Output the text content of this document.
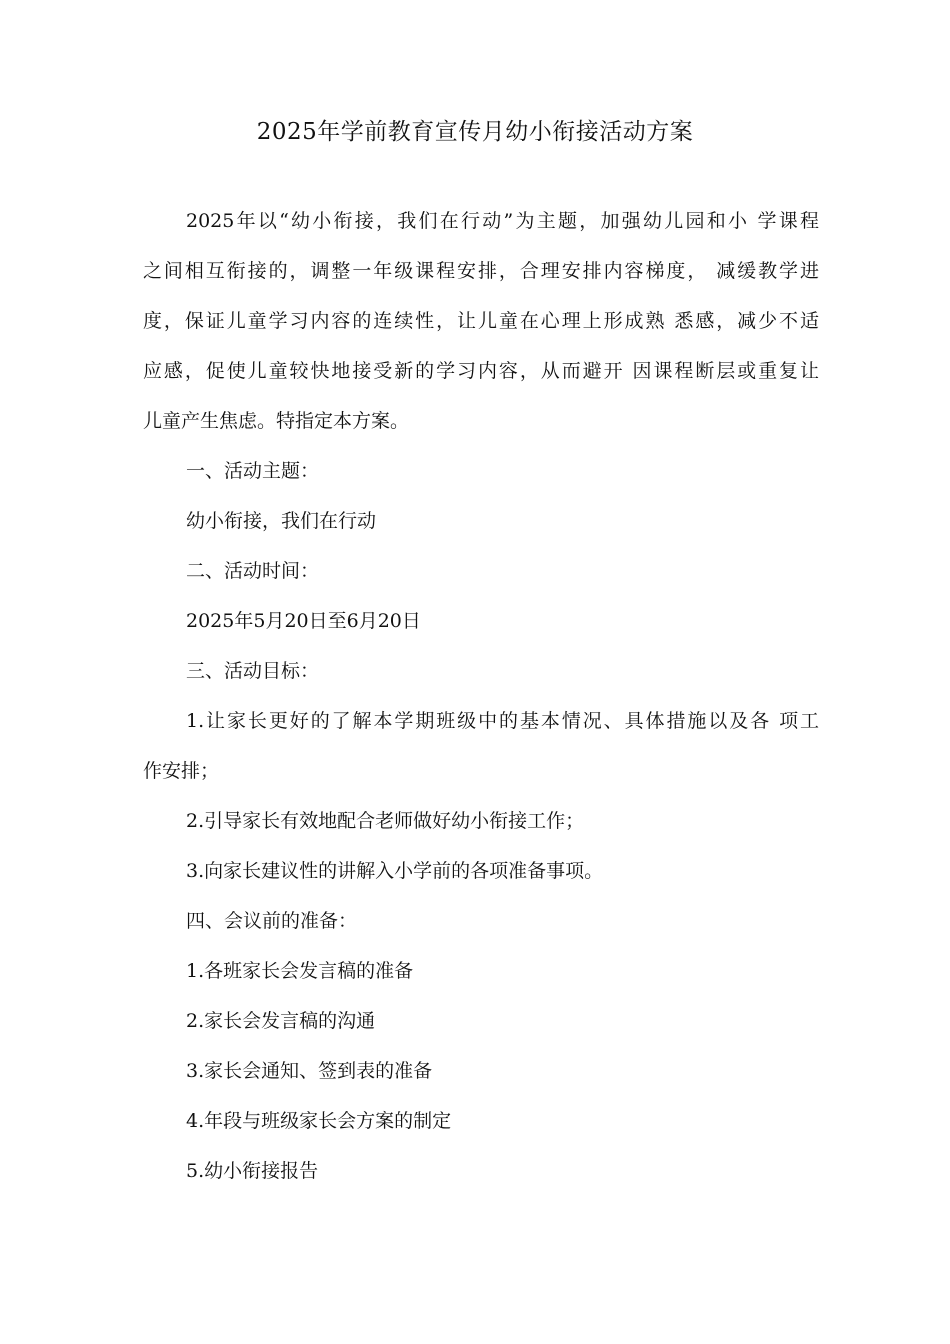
2025年学前教育宣传月幼小衔接活动方案
2025年以“幼小衔接，我们在行动”为主题，加强幼儿园和小 学课程
之间相互衔接的，调整一年级课程安排，合理安排内容梯度， 减缓教学进
度，保证儿童学习内容的连续性，让儿童在心理上形成熟 悉感，减少不适
应感，促使儿童较快地接受新的学习内容，从而避开 因课程断层或重复让
儿童产生焦虑。特指定本方案。
一、活动主题：
幼小衔接，我们在行动
二、活动时间：
2025年5月20日至6月20日
三、活动目标：
1.让家长更好的了解本学期班级中的基本情况、具体措施以及各 项工
作安排；
2.引导家长有效地配合老师做好幼小衔接工作；
3.向家长建议性的讲解入小学前的各项准备事项。
四、会议前的准备：
1.各班家长会发言稿的准备
2.家长会发言稿的沟通
3.家长会通知、签到表的准备
4.年段与班级家长会方案的制定
5.幼小衔接报告
